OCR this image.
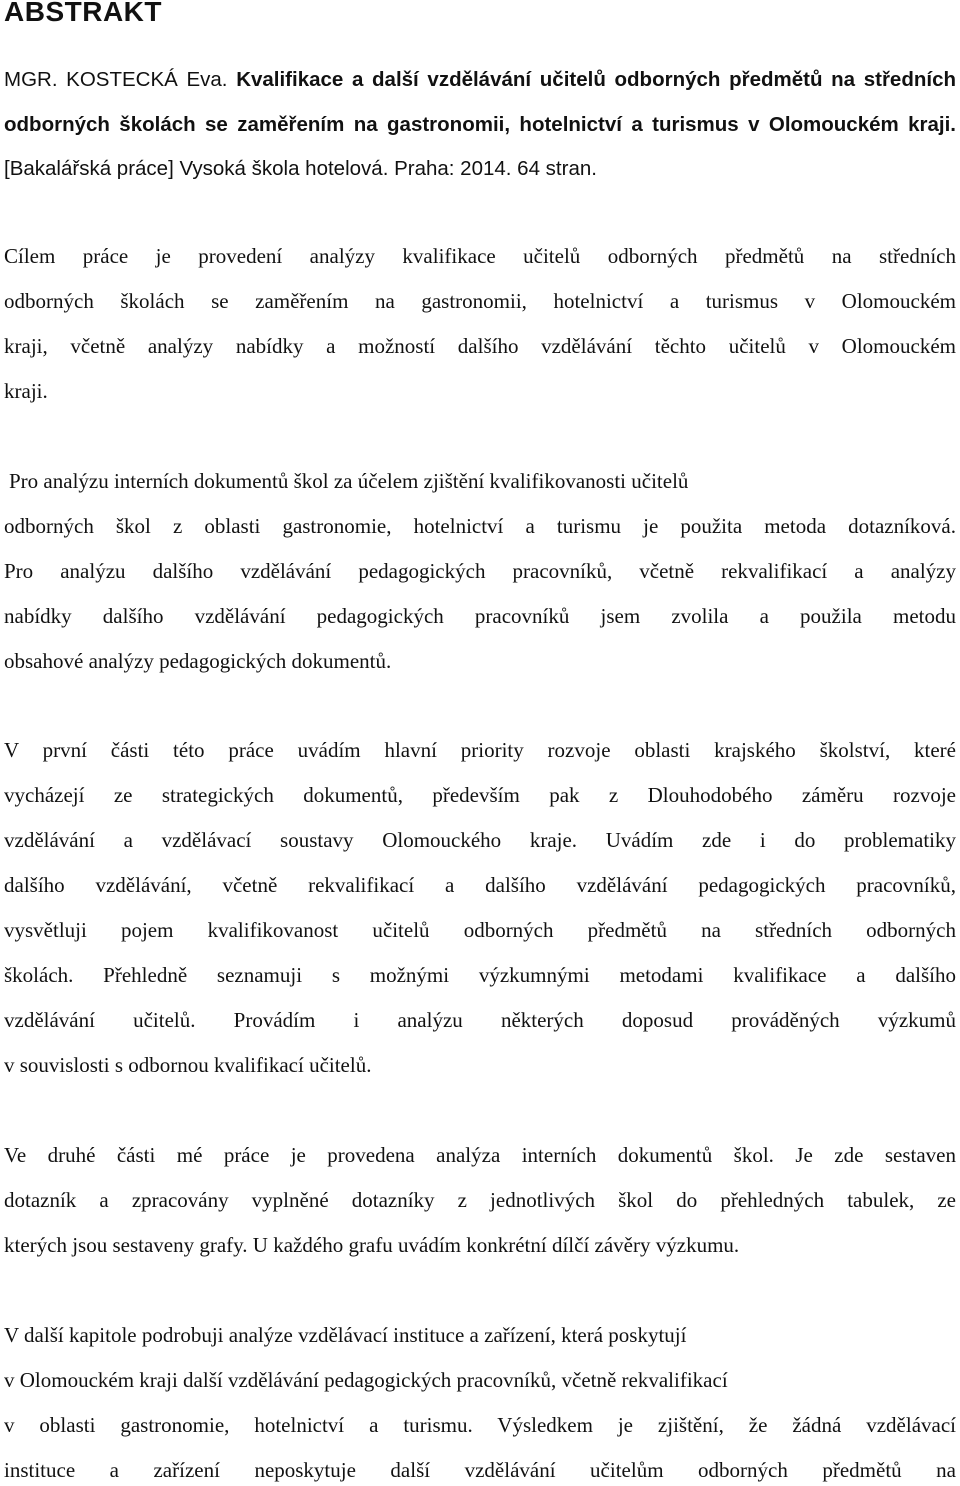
ABSTRAKT

MGR. KOSTECKÁ Eva. Kvalifikace a další vzdělávání učitelů odborných předmětů na středních odborných školách se zaměřením na gastronomii, hotelnictví a turismus v Olomouckém kraji. [Bakalářská práce] Vysoká škola hotelová. Praha: 2014. 64 stran.

Cílem práce je provedení analýzy kvalifikace učitelů odborných předmětů na středních
odborných školách se zaměřením na gastronomii, hotelnictví a turismus v Olomouckém
kraji, včetně analýzy nabídky a možností dalšího vzdělávání těchto učitelů v Olomouckém
kraji.
Pro analýzu interních dokumentů škol za účelem zjištění kvalifikovanosti učitelů
odborných škol z oblasti gastronomie, hotelnictví a turismu je použita metoda dotazníková.
Pro analýzu dalšího vzdělávání pedagogických pracovníků, včetně rekvalifikací a analýzy
nabídky dalšího vzdělávání pedagogických pracovníků jsem zvolila a použila metodu
obsahové analýzy pedagogických dokumentů.
V první části této práce uvádím hlavní priority rozvoje oblasti krajského školství, které
vycházejí ze strategických dokumentů, především pak z Dlouhodobého záměru rozvoje
vzdělávání a vzdělávací soustavy Olomouckého kraje. Uvádím zde i do problematiky
dalšího vzdělávání, včetně rekvalifikací a dalšího vzdělávání pedagogických pracovníků,
vysvětluji pojem kvalifikovanost učitelů odborných předmětů na středních odborných
školách. Přehledně seznamuji s možnými výzkumnými metodami kvalifikace a dalšího
vzdělávání učitelů. Provádím i analýzu některých doposud prováděných výzkumů
v souvislosti s odbornou kvalifikací učitelů.
Ve druhé části mé práce je provedena analýza interních dokumentů škol. Je zde sestaven
dotazník a zpracovány vyplněné dotazníky z jednotlivých škol do přehledných tabulek, ze
kterých jsou sestaveny grafy. U každého grafu uvádím konkrétní dílčí závěry výzkumu.
V další kapitole podrobuji analýze vzdělávací instituce a zařízení, která poskytují
v Olomouckém kraji další vzdělávání pedagogických pracovníků, včetně rekvalifikací
v oblasti gastronomie, hotelnictví a turismu. Výsledkem je zjištění, že žádná vzdělávací
instituce a zařízení neposkytuje další vzdělávání učitelům odborných předmětů na
